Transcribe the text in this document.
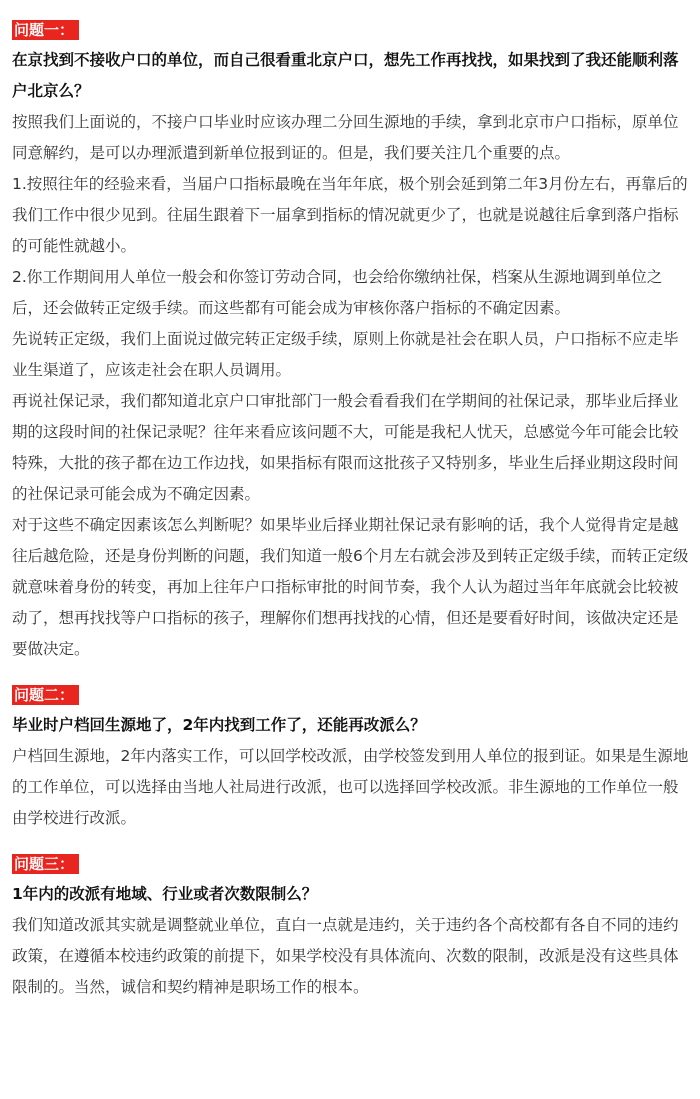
问题一：

在京找到不接收户口的单位，而自己很看重北京户口，想先工作再找找，如果找到了我还能顺利落户北京么？

按照我们上面说的，不接户口毕业时应该办理二分回生源地的手续，拿到北京市户口指标，原单位同意解约，是可以办理派遣到新单位报到证的。但是，我们要关注几个重要的点。

1.按照往年的经验来看，当届户口指标最晚在当年年底，极个别会延到第二年3月份左右，再靠后的我们工作中很少见到。往届生跟着下一届拿到指标的情况就更少了，也就是说越往后拿到落户指标的可能性就越小。

2.你工作期间用人单位一般会和你签订劳动合同，也会给你缴纳社保，档案从生源地调到单位之后，还会做转正定级手续。而这些都有可能会成为审核你落户指标的不确定因素。

先说转正定级，我们上面说过做完转正定级手续，原则上你就是社会在职人员，户口指标不应走毕业生渠道了，应该走社会在职人员调用。

再说社保记录，我们都知道北京户口审批部门一般会看看我们在学期间的社保记录，那毕业后择业期的这段时间的社保记录呢？往年来看应该问题不大，可能是我杞人忧天，总感觉今年可能会比较特殊，大批的孩子都在边工作边找，如果指标有限而这批孩子又特别多，毕业生后择业期这段时间的社保记录可能会成为不确定因素。

对于这些不确定因素该怎么判断呢？如果毕业后择业期社保记录有影响的话，我个人觉得肯定是越往后越危险，还是身份判断的问题，我们知道一般6个月左右就会涉及到转正定级手续，而转正定级就意味着身份的转变，再加上往年户口指标审批的时间节奏，我个人认为超过当年年底就会比较被动了，想再找找等户口指标的孩子，理解你们想再找找的心情，但还是要看好时间，该做决定还是要做决定。

问题二：

毕业时户档回生源地了，2年内找到工作了，还能再改派么？

户档回生源地，2年内落实工作，可以回学校改派，由学校签发到用人单位的报到证。如果是生源地的工作单位，可以选择由当地人社局进行改派，也可以选择回学校改派。非生源地的工作单位一般由学校进行改派。

问题三：

1年内的改派有地域、行业或者次数限制么？

我们知道改派其实就是调整就业单位，直白一点就是违约，关于违约各个高校都有各自不同的违约政策，在遵循本校违约政策的前提下，如果学校没有具体流向、次数的限制，改派是没有这些具体限制的。当然，诚信和契约精神是职场工作的根本。
